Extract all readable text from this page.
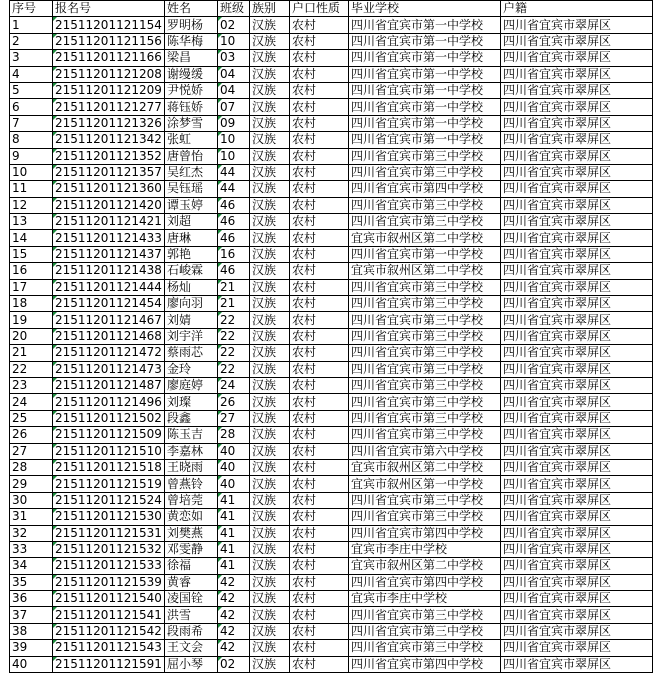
序号	报名号	姓名	班级	族别	户口性质	毕业学校	户籍
1	21511201121154	罗明杨	02	汉族	农村	四川省宜宾市第一中学校	四川省宜宾市翠屏区
2	21511201121156	陈华梅	10	汉族	农村	四川省宜宾市第一中学校	四川省宜宾市翠屏区
3	21511201121166	梁昌	03	汉族	农村	四川省宜宾市第一中学校	四川省宜宾市翠屏区
4	21511201121208	谢缦缓	04	汉族	农村	四川省宜宾市第一中学校	四川省宜宾市翠屏区
5	21511201121209	尹悦娇	04	汉族	农村	四川省宜宾市第一中学校	四川省宜宾市翠屏区
6	21511201121277	蒋钰娇	07	汉族	农村	四川省宜宾市第一中学校	四川省宜宾市翠屏区
7	21511201121326	涂梦雪	09	汉族	农村	四川省宜宾市第一中学校	四川省宜宾市翠屏区
8	21511201121342	张虹	10	汉族	农村	四川省宜宾市第一中学校	四川省宜宾市翠屏区
9	21511201121352	唐曾怡	10	汉族	农村	四川省宜宾市第三中学校	四川省宜宾市翠屏区
10	21511201121357	吴红杰	44	汉族	农村	四川省宜宾市第三中学校	四川省宜宾市翠屏区
11	21511201121360	吴钰瑶	44	汉族	农村	四川省宜宾市第四中学校	四川省宜宾市翠屏区
12	21511201121420	谭玉婷	46	汉族	农村	四川省宜宾市第三中学校	四川省宜宾市翠屏区
13	21511201121421	刘超	46	汉族	农村	四川省宜宾市第三中学校	四川省宜宾市翠屏区
14	21511201121433	唐琳	46	汉族	农村	宜宾市叙州区第二中学校	四川省宜宾市翠屏区
15	21511201121437	郭艳	16	汉族	农村	四川省宜宾市第一中学校	四川省宜宾市翠屏区
16	21511201121438	石峻霖	46	汉族	农村	宜宾市叙州区第二中学校	四川省宜宾市翠屏区
17	21511201121444	杨灿	21	汉族	农村	四川省宜宾市第三中学校	四川省宜宾市翠屏区
18	21511201121454	廖向羽	21	汉族	农村	四川省宜宾市第三中学校	四川省宜宾市翠屏区
19	21511201121467	刘婧	22	汉族	农村	四川省宜宾市第三中学校	四川省宜宾市翠屏区
20	21511201121468	刘宇洋	22	汉族	农村	四川省宜宾市第三中学校	四川省宜宾市翠屏区
21	21511201121472	蔡雨芯	22	汉族	农村	四川省宜宾市第三中学校	四川省宜宾市翠屏区
22	21511201121473	金玲	22	汉族	农村	四川省宜宾市第三中学校	四川省宜宾市翠屏区
23	21511201121487	廖庭婷	24	汉族	农村	四川省宜宾市第三中学校	四川省宜宾市翠屏区
24	21511201121496	刘璨	26	汉族	农村	四川省宜宾市第三中学校	四川省宜宾市翠屏区
25	21511201121502	段鑫	27	汉族	农村	四川省宜宾市第三中学校	四川省宜宾市翠屏区
26	21511201121509	陈玉吉	28	汉族	农村	四川省宜宾市第三中学校	四川省宜宾市翠屏区
27	21511201121510	李嘉林	40	汉族	农村	四川省宜宾市第六中学校	四川省宜宾市翠屏区
28	21511201121518	王晓雨	40	汉族	农村	宜宾市叙州区第二中学校	四川省宜宾市翠屏区
29	21511201121519	曾燕铃	40	汉族	农村	宜宾市叙州区第一中学校	四川省宜宾市翠屏区
30	21511201121524	曾培莞	41	汉族	农村	四川省宜宾市第三中学校	四川省宜宾市翠屏区
31	21511201121530	黄恋如	41	汉族	农村	四川省宜宾市第三中学校	四川省宜宾市翠屏区
32	21511201121531	刘樊燕	41	汉族	农村	四川省宜宾市第四中学校	四川省宜宾市翠屏区
33	21511201121532	邓雯静	41	汉族	农村	宜宾市李庄中学校	四川省宜宾市翠屏区
34	21511201121533	徐福	41	汉族	农村	宜宾市叙州区第二中学校	四川省宜宾市翠屏区
35	21511201121539	黄睿	42	汉族	农村	四川省宜宾市第四中学校	四川省宜宾市翠屏区
36	21511201121540	凌国铨	42	汉族	农村	宜宾市李庄中学校	四川省宜宾市翠屏区
37	21511201121541	洪雪	42	汉族	农村	四川省宜宾市第三中学校	四川省宜宾市翠屏区
38	21511201121542	段雨希	42	汉族	农村	四川省宜宾市第三中学校	四川省宜宾市翠屏区
39	21511201121543	王文会	42	汉族	农村	四川省宜宾市第三中学校	四川省宜宾市翠屏区
40	21511201121591	屈小琴	02	汉族	农村	四川省宜宾市第四中学校	四川省宜宾市翠屏区
